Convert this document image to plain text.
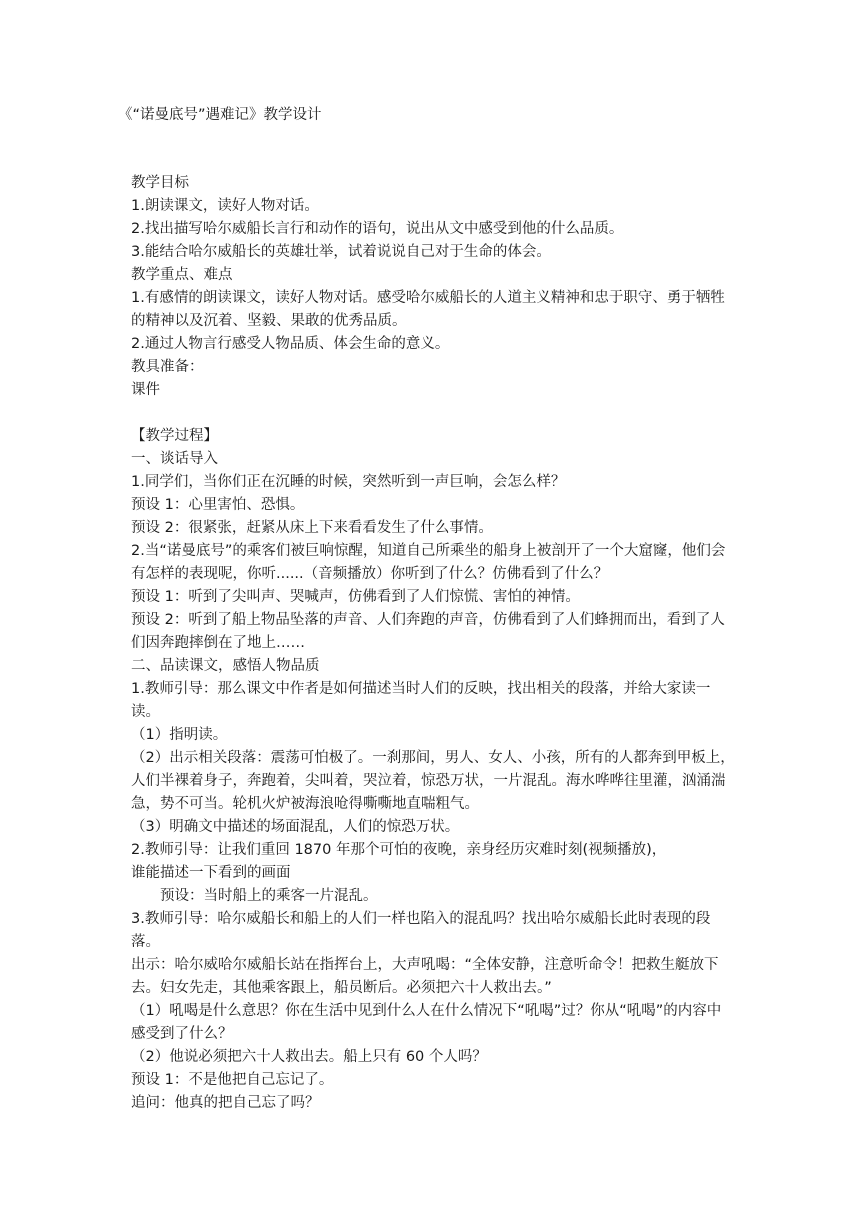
《“诺曼底号”遇难记》教学设计

教学目标

1.朗读课文，读好人物对话。

2.找出描写哈尔威船长言行和动作的语句，说出从文中感受到他的什么品质。

3.能结合哈尔威船长的英雄壮举，试着说说自己对于生命的体会。

教学重点、难点

1.有感情的朗读课文，读好人物对话。感受哈尔威船长的人道主义精神和忠于职守、勇于牺牲的精神以及沉着、坚毅、果敢的优秀品质。

2.通过人物言行感受人物品质、体会生命的意义。

教具准备：

课件

【教学过程】

一、谈话导入

1.同学们，当你们正在沉睡的时候，突然听到一声巨响，会怎么样？

预设 1：心里害怕、恐惧。

预设 2：很紧张，赶紧从床上下来看看发生了什么事情。

2.当“诺曼底号”的乘客们被巨响惊醒，知道自己所乘坐的船身上被剖开了一个大窟窿，他们会有怎样的表现呢，你听......（音频播放）你听到了什么？仿佛看到了什么？

预设 1：听到了尖叫声、哭喊声，仿佛看到了人们惊慌、害怕的神情。

预设 2：听到了船上物品坠落的声音、人们奔跑的声音，仿佛看到了人们蜂拥而出，看到了人们因奔跑摔倒在了地上……

二、品读课文，感悟人物品质

1.教师引导：那么课文中作者是如何描述当时人们的反映，找出相关的段落，并给大家读一读。

（1）指明读。

（2）出示相关段落：震荡可怕极了。一刹那间，男人、女人、小孩，所有的人都奔到甲板上，人们半裸着身子，奔跑着，尖叫着，哭泣着，惊恐万状，一片混乱。海水哗哗往里灌，汹涌湍急，势不可当。轮机火炉被海浪呛得嘶嘶地直喘粗气。

（3）明确文中描述的场面混乱，人们的惊恐万状。

2.教师引导：让我们重回 1870 年那个可怕的夜晚，亲身经历灾难时刻(视频播放)，

谁能描述一下看到的画面

预设：当时船上的乘客一片混乱。

3.教师引导：哈尔威船长和船上的人们一样也陷入的混乱吗？找出哈尔威船长此时表现的段落。

出示：哈尔威哈尔威船长站在指挥台上，大声吼喝：“全体安静，注意听命令！把救生艇放下去。妇女先走，其他乘客跟上，船员断后。必须把六十人救出去。”

（1）吼喝是什么意思？你在生活中见到什么人在什么情况下“吼喝”过？你从“吼喝”的内容中感受到了什么？

（2）他说必须把六十人救出去。船上只有 60 个人吗？

预设 1：不是他把自己忘记了。

追问：他真的把自己忘了吗？
